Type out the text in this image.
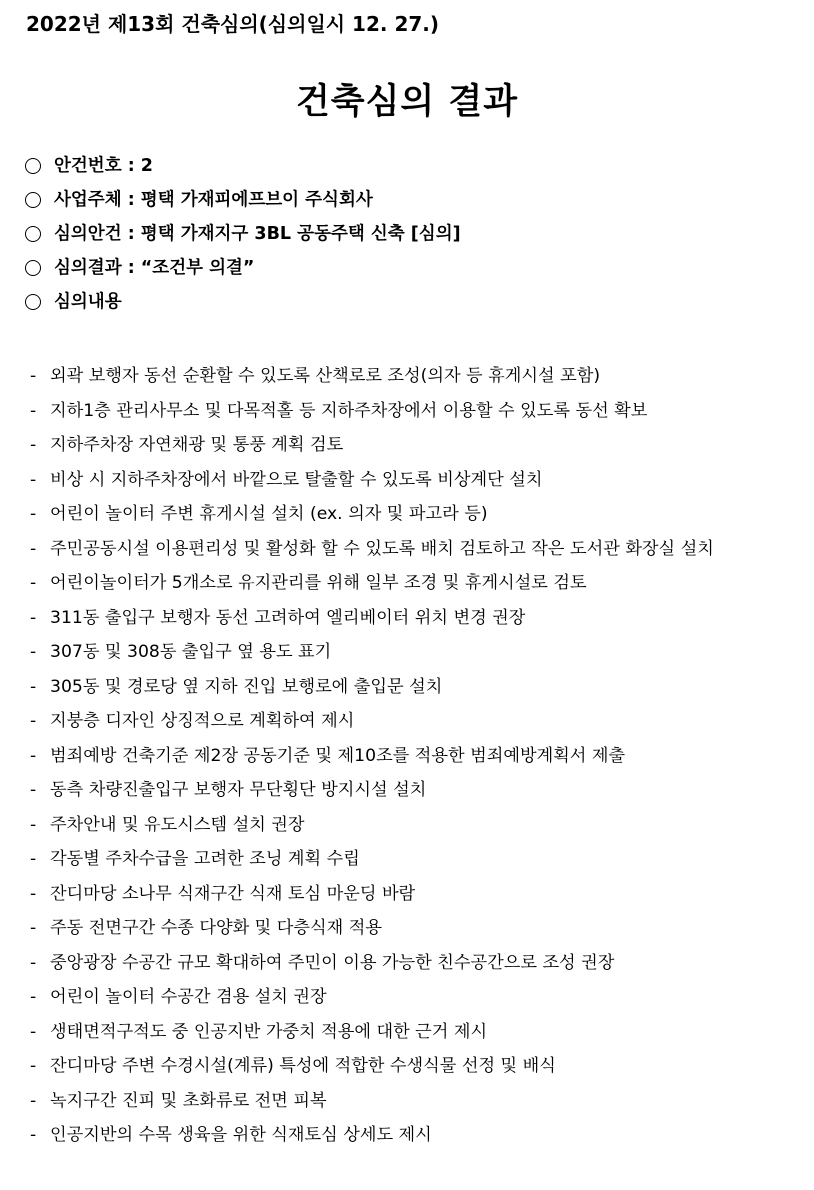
2022년 제13회 건축심의(심의일시 12. 27.)
건축심의 결과
안건번호 : 2
사업주체 : 평택 가재피에프브이 주식회사
심의안건 : 평택 가재지구 3BL 공동주택 신축 [심의]
심의결과 : “조건부 의결”
심의내용
- 외곽 보행자 동선 순환할 수 있도록 산책로로 조성(의자 등 휴게시설 포함)
- 지하1층 관리사무소 및 다목적홀 등 지하주차장에서 이용할 수 있도록 동선 확보
- 지하주차장 자연채광 및 통풍 계획 검토
- 비상 시 지하주차장에서 바깥으로 탈출할 수 있도록 비상계단 설치
- 어린이 놀이터 주변 휴게시설 설치 (ex. 의자 및 파고라 등)
- 주민공동시설 이용편리성 및 활성화 할 수 있도록 배치 검토하고 작은 도서관 화장실 설치
- 어린이놀이터가 5개소로 유지관리를 위해 일부 조경 및 휴게시설로 검토
- 311동 출입구 보행자 동선 고려하여 엘리베이터 위치 변경 권장
- 307동 및 308동 출입구 옆 용도 표기
- 305동 및 경로당 옆 지하 진입 보행로에 출입문 설치
- 지붕층 디자인 상징적으로 계획하여 제시
- 범죄예방 건축기준 제2장 공동기준 및 제10조를 적용한 범죄예방계획서 제출
- 동측 차량진출입구 보행자 무단횡단 방지시설 설치
- 주차안내 및 유도시스템 설치 권장
- 각동별 주차수급을 고려한 조닝 계획 수립
- 잔디마당 소나무 식재구간 식재 토심 마운딩 바람
- 주동 전면구간 수종 다양화 및 다층식재 적용
- 중앙광장 수공간 규모 확대하여 주민이 이용 가능한 친수공간으로 조성 권장
- 어린이 놀이터 수공간 겸용 설치 권장
- 생태면적구적도 중 인공지반 가중치 적용에 대한 근거 제시
- 잔디마당 주변 수경시설(계류) 특성에 적합한 수생식물 선정 및 배식
- 녹지구간 진피 및 초화류로 전면 피복
- 인공지반의 수목 생육을 위한 식재토심 상세도 제시
